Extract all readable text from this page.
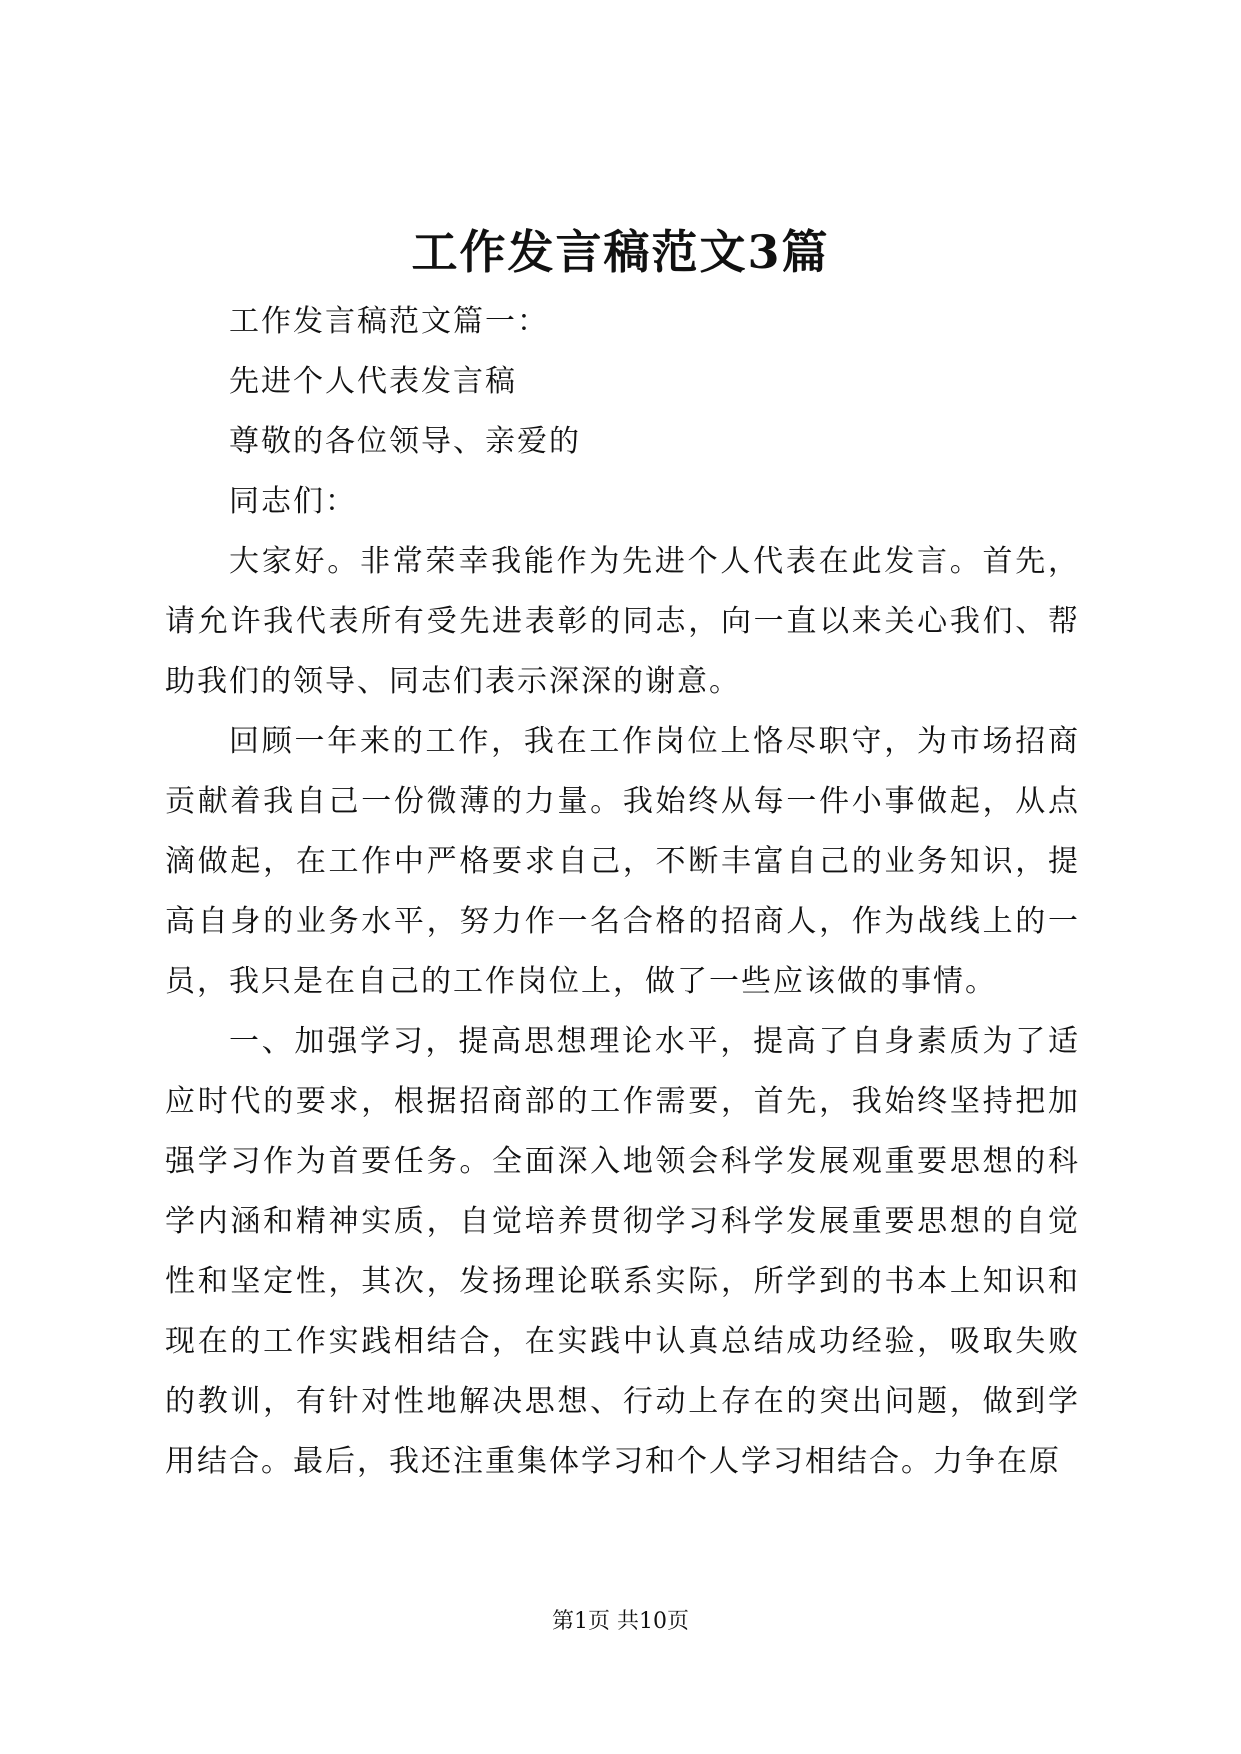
工作发言稿范文3篇

工作发言稿范文篇一：

先进个人代表发言稿

尊敬的各位领导、亲爱的

同志们：

大家好。非常荣幸我能作为先进个人代表在此发言。首先，请允许我代表所有受先进表彰的同志，向一直以来关心我们、帮助我们的领导、同志们表示深深的谢意。

回顾一年来的工作，我在工作岗位上恪尽职守，为市场招商贡献着我自己一份微薄的力量。我始终从每一件小事做起，从点滴做起，在工作中严格要求自己，不断丰富自己的业务知识，提高自身的业务水平，努力作一名合格的招商人，作为战线上的一员，我只是在自己的工作岗位上，做了一些应该做的事情。

一、加强学习，提高思想理论水平，提高了自身素质为了适应时代的要求，根据招商部的工作需要，首先，我始终坚持把加强学习作为首要任务。全面深入地领会科学发展观重要思想的科学内涵和精神实质，自觉培养贯彻学习科学发展重要思想的自觉性和坚定性，其次，发扬理论联系实际，所学到的书本上知识和现在的工作实践相结合，在实践中认真总结成功经验，吸取失败的教训，有针对性地解决思想、行动上存在的突出问题，做到学用结合。最后，我还注重集体学习和个人学习相结合。力争在原

第1页 共10页
